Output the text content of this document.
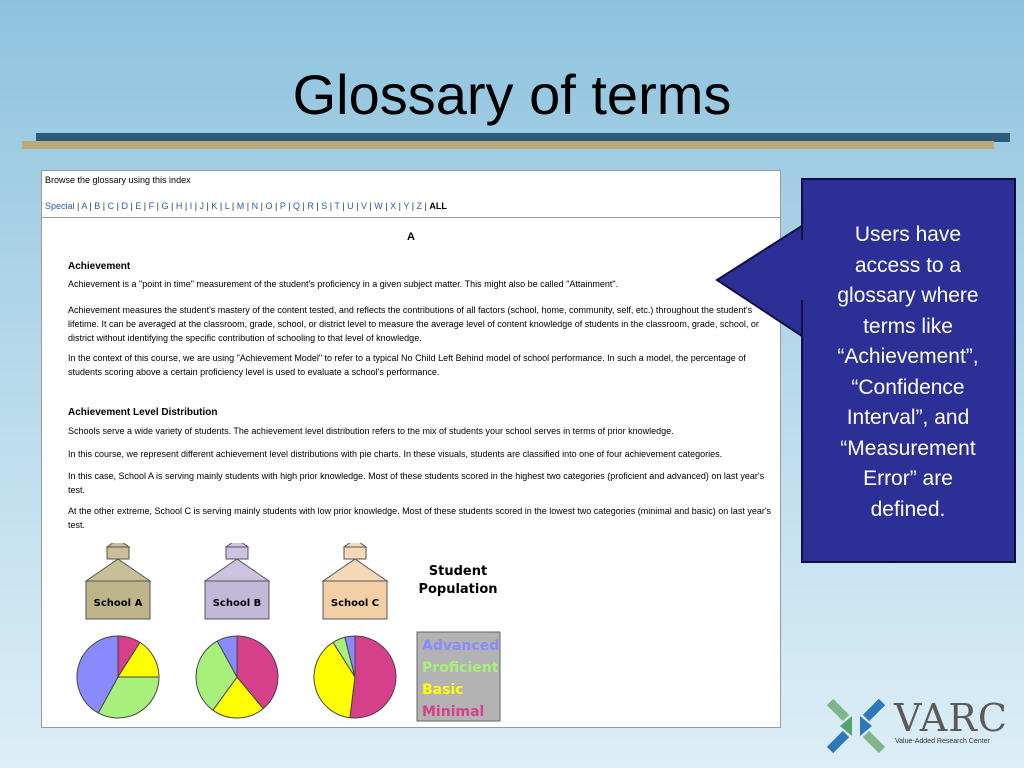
Glossary of terms
Browse the glossary using this index
Special | A | B | C | D | E | F | G | H | I | J | K | L | M | N | O | P | Q | R | S | T | U | V | W | X | Y | Z | ALL
A
Achievement
Achievement is a "point in time" measurement of the student's proficiency in a given subject matter. This might also be called "Attainment".
Achievement measures the student's mastery of the content tested, and reflects the contributions of all factors (school, home, community, self, etc.) throughout the student's lifetime. It can be averaged at the classroom, grade, school, or district level to measure the average level of content knowledge of students in the classroom, grade, school, or district without identifying the specific contribution of schooling to that level of knowledge.
In the context of this course, we are using "Achievement Model" to refer to a typical No Child Left Behind model of school performance. In such a model, the percentage of students scoring above a certain proficiency level is used to evaluate a school's performance.
Achievement Level Distribution
Schools serve a wide variety of students. The achievement level distribution refers to the mix of students your school serves in terms of prior knowledge.
In this course, we represent different achievement level distributions with pie charts. In these visuals, students are classified into one of four achievement categories.
In this case, School A is serving mainly students with high prior knowledge. Most of these students scored in the highest two categories (proficient and advanced) on last year's test.
At the other extreme, School C is serving mainly students with low prior knowledge. Most of these students scored in the lowest two categories (minimal and basic) on last year's test.
School A	School B	School C
Student
Population
Advanced
Proficient
Basic
Minimal
Users have
access to a
glossary where
terms like
“Achievement”,
“Confidence
Interval”, and
“Measurement
Error” are
defined.
VARC
Value-Added Research Center
